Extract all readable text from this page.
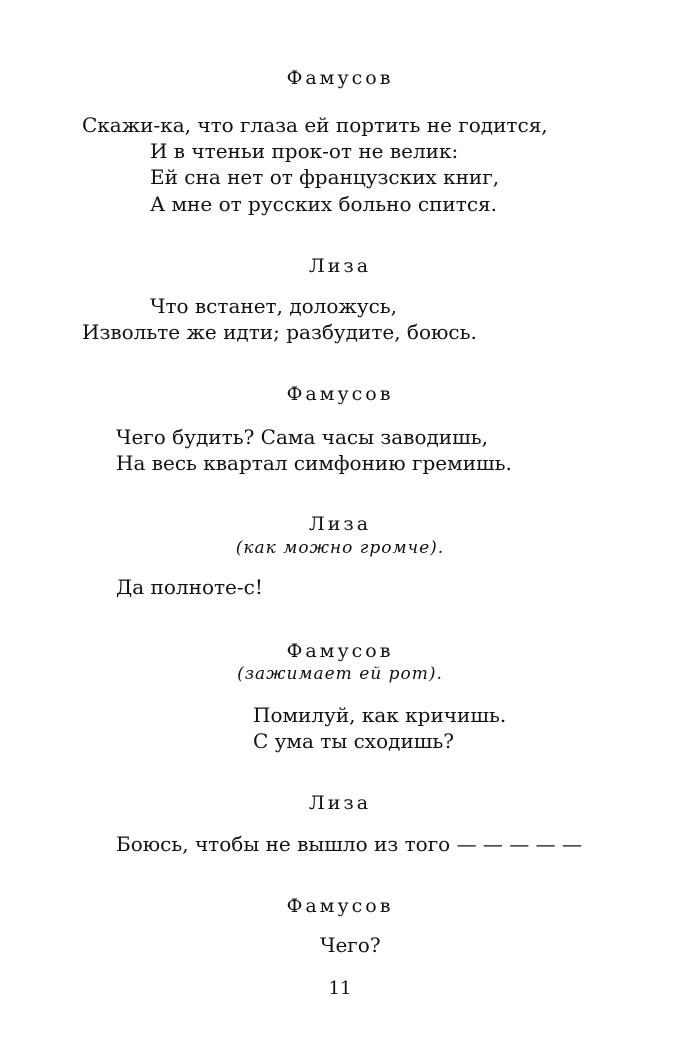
Фамусов
Скажи-ка, что глаза ей портить не годится,
И в чтеньи прок-от не велик:
Ей сна нет от французских книг,
А мне от русских больно спится.
Лиза
Что встанет, доложусь,
Извольте же идти; разбудите, боюсь.
Фамусов
Чего будить? Сама часы заводишь,
На весь квартал симфонию гремишь.
Лиза
(как можно громче).
Да полноте-с!
Фамусов
(зажимает ей рот).
Помилуй, как кричишь.
С ума ты сходишь?
Лиза
Боюсь, чтобы не вышло из того — — — — —
Фамусов
Чего?
11
